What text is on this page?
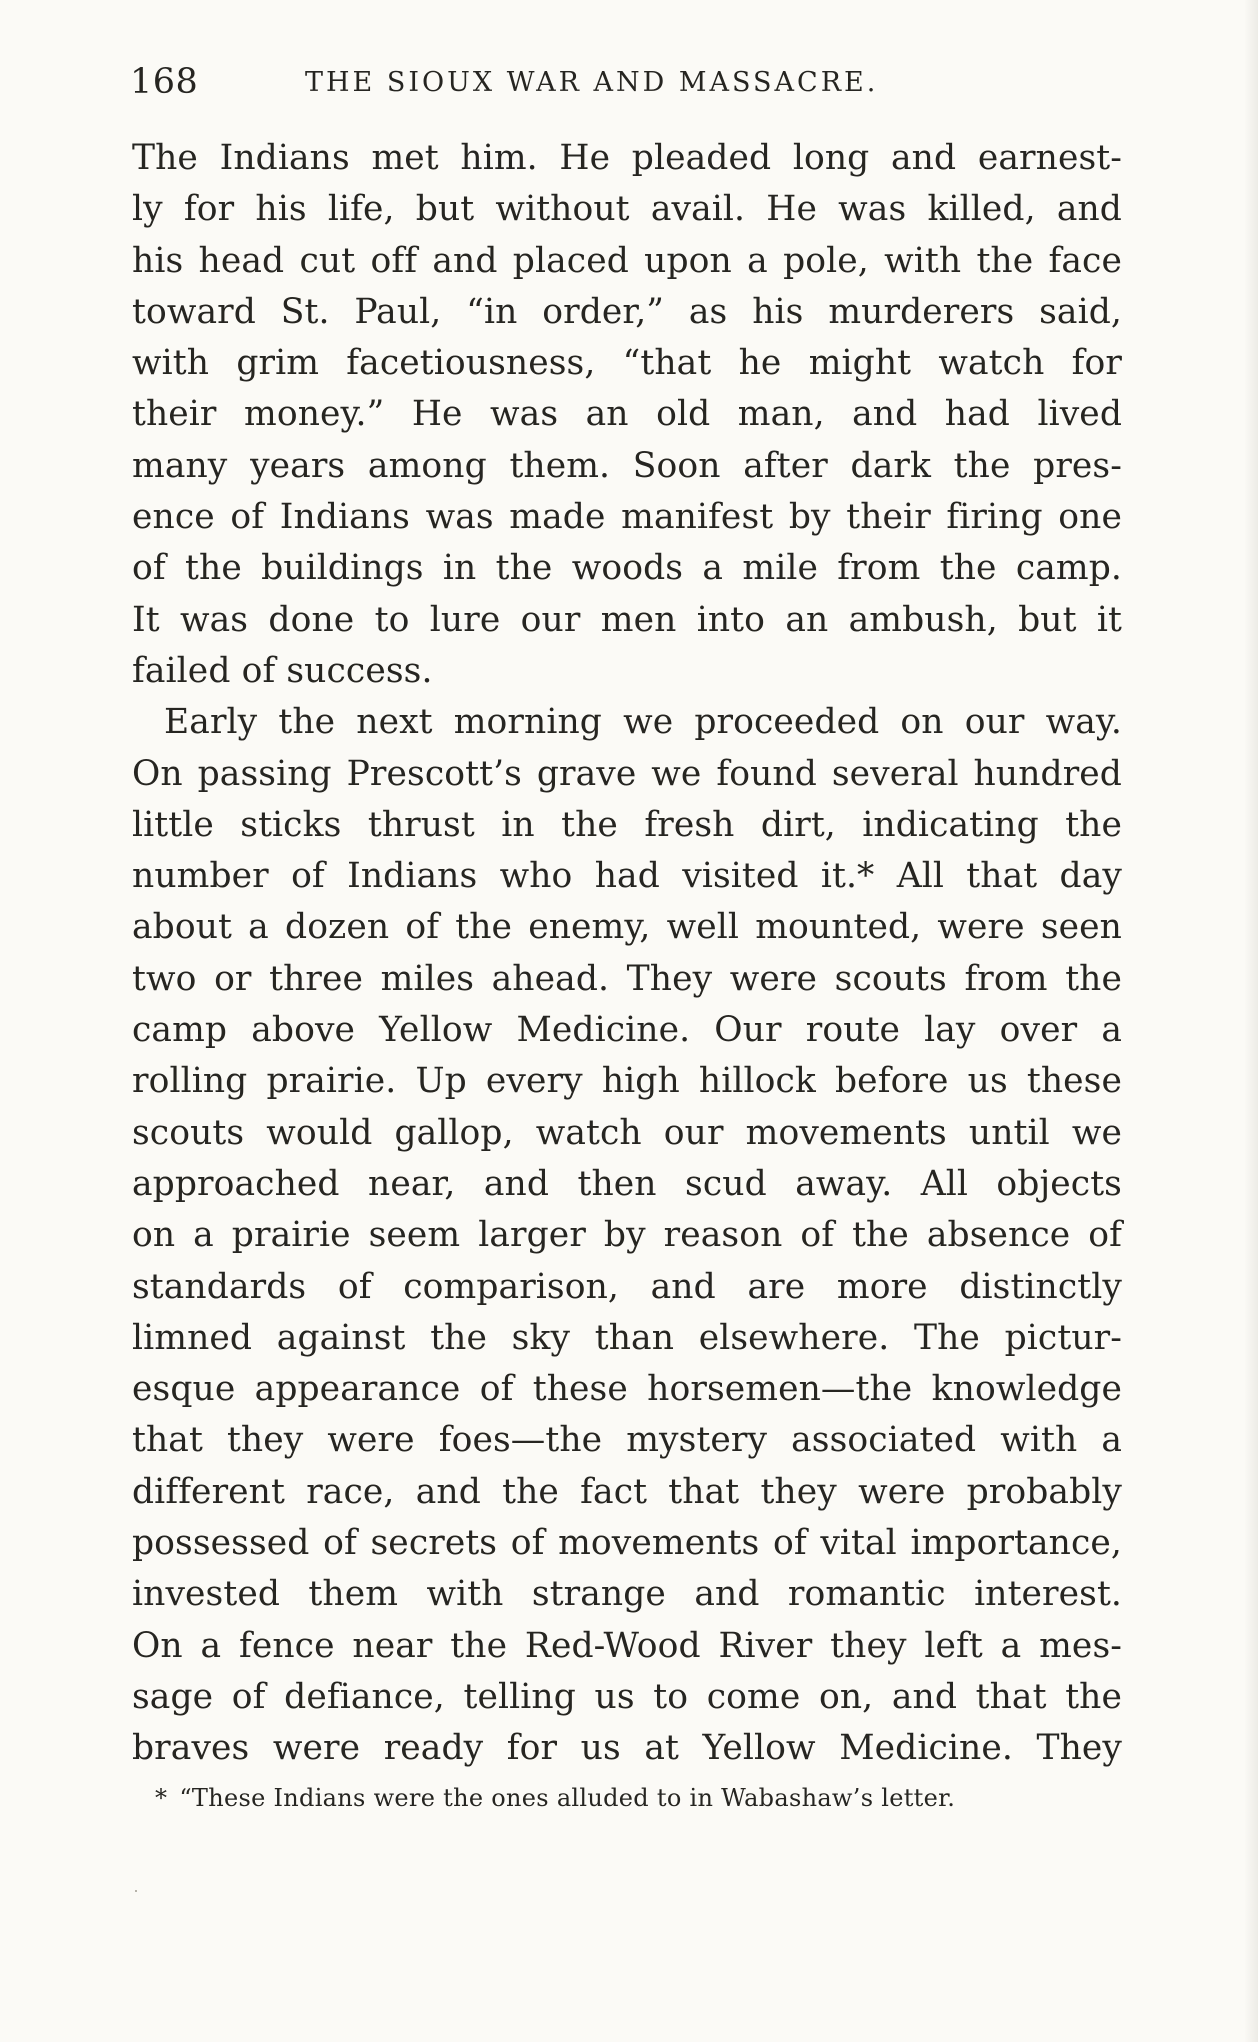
168	THE SIOUX WAR AND MASSACRE.
The Indians met him. He pleaded long and earnest-
ly for his life, but without avail. He was killed, and
his head cut off and placed upon a pole, with the face
toward St. Paul, “in order,” as his murderers said,
with grim facetiousness, “that he might watch for
their money.” He was an old man, and had lived
many years among them. Soon after dark the pres-
ence of Indians was made manifest by their firing one
of the buildings in the woods a mile from the camp.
It was done to lure our men into an ambush, but it
failed of success.
Early the next morning we proceeded on our way.
On passing Prescott’s grave we found several hundred
little sticks thrust in the fresh dirt, indicating the
number of Indians who had visited it.* All that day
about a dozen of the enemy, well mounted, were seen
two or three miles ahead. They were scouts from the
camp above Yellow Medicine. Our route lay over a
rolling prairie. Up every high hillock before us these
scouts would gallop, watch our movements until we
approached near, and then scud away. All objects
on a prairie seem larger by reason of the absence of
standards of comparison, and are more distinctly
limned against the sky than elsewhere. The pictur-
esque appearance of these horsemen—the knowledge
that they were foes—the mystery associated with a
different race, and the fact that they were probably
possessed of secrets of movements of vital importance,
invested them with strange and romantic interest.
On a fence near the Red-Wood River they left a mes-
sage of defiance, telling us to come on, and that the
braves were ready for us at Yellow Medicine. They
* “These Indians were the ones alluded to in Wabashaw’s letter.
